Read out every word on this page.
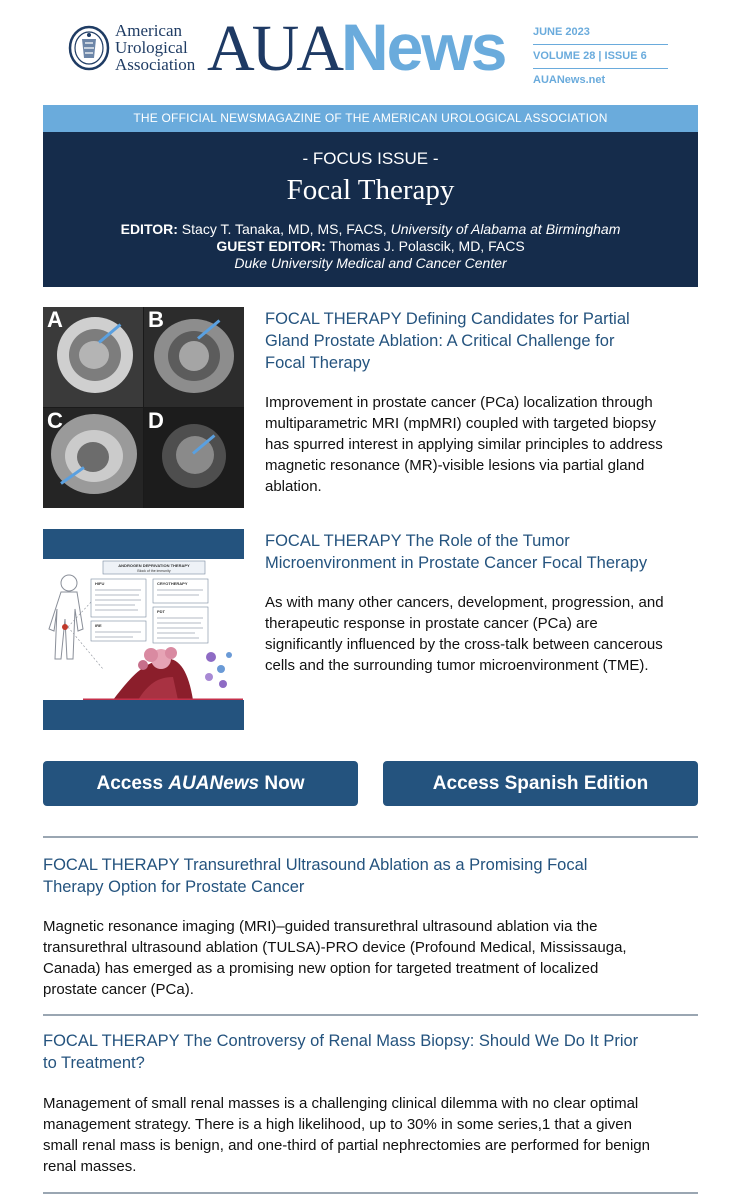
American
Urological
Association AUANews	JUNE 2023
VOLUME 28 | ISSUE 6
AUANews.net
THE OFFICIAL NEWSMAGAZINE OF THE AMERICAN UROLOGICAL ASSOCIATION
- FOCUS ISSUE -
Focal Therapy
EDITOR: Stacy T. Tanaka, MD, MS, FACS, University of Alabama at Birmingham
GUEST EDITOR: Thomas J. Polascik, MD, FACS
Duke University Medical and Cancer Center
A	B
C	D
FOCAL THERAPY Defining Candidates for Partial
Gland Prostate Ablation: A Critical Challenge for
Focal Therapy
Improvement in prostate cancer (PCa) localization through
multiparametric MRI (mpMRI) coupled with targeted biopsy
has spurred interest in applying similar principles to address
magnetic resonance (MR)-visible lesions via partial gland
ablation.
ANDROGEN DEPRIVATION THERAPY
Block of the immunity
HIFU	CRYOTHERAPY
PDT
IRE
FOCAL THERAPY The Role of the Tumor
Microenvironment in Prostate Cancer Focal Therapy
As with many other cancers, development, progression, and
therapeutic response in prostate cancer (PCa) are
significantly influenced by the cross-talk between cancerous
cells and the surrounding tumor microenvironment (TME).
Access AUANews Now	Access Spanish Edition
FOCAL THERAPY Transurethral Ultrasound Ablation as a Promising Focal
Therapy Option for Prostate Cancer
Magnetic resonance imaging (MRI)–guided transurethral ultrasound ablation via the
transurethral ultrasound ablation (TULSA)-PRO device (Profound Medical, Mississauga,
Canada) has emerged as a promising new option for targeted treatment of localized
prostate cancer (PCa).
FOCAL THERAPY The Controversy of Renal Mass Biopsy: Should We Do It Prior
to Treatment?
Management of small renal masses is a challenging clinical dilemma with no clear optimal
management strategy. There is a high likelihood, up to 30% in some series,1 that a given
small renal mass is benign, and one-third of partial nephrectomies are performed for benign
renal masses.
